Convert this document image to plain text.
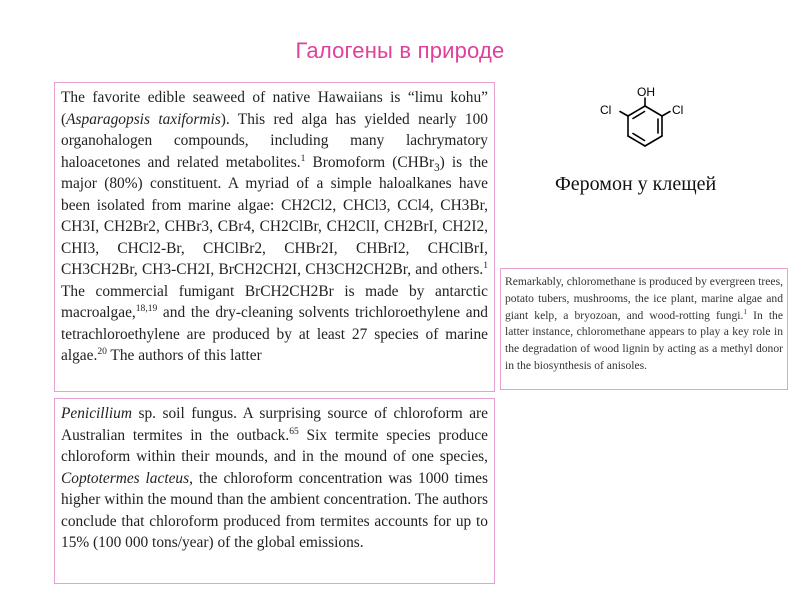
Галогены в природе

The favorite edible seaweed of native Hawaiians is “limu kohu” (Asparagopsis taxiformis). This red alga has yielded nearly 100 organohalogen compounds, including many lachrymatory haloacetones and related metabolites.$^1$ Bromoform (CHBr$_3$) is the major (80%) constituent. A myriad of a simple haloalkanes have been isolated from marine algae: CH2Cl2, CHCl3, CCl4, CH3Br, CH3I, CH2Br2, CHBr3, CBr4, CH2ClBr, CH2ClI, CH2BrI, CH2I2, CHI3, CHCl2-Br, CHClBr2, CHBr2I, CHBrI2, CHClBrI, CH3CH2Br, CH3-CH2I, BrCH2CH2I, CH3CH2CH2Br, and others.$^1$ The commercial fumigant BrCH2CH2Br is made by antarctic macroalgae,$^{18,19}$ and the dry-cleaning solvents trichloroethylene and tetrachloroethylene are produced by at least 27 species of marine algae.$^{20}$ The authors of this latter

Penicillium sp. soil fungus. A surprising source of chloroform are Australian termites in the outback.$^{65}$ Six termite species produce chloroform within their mounds, and in the mound of one species, Coptotermes lacteus, the chloroform concentration was 1000 times higher within the mound than the ambient concentration. The authors conclude that chloroform produced from termites accounts for up to 15% (100 000 tons/year) of the global emissions.

Remarkably, chloromethane is produced by evergreen trees, potato tubers, mushrooms, the ice plant, marine algae and giant kelp, a bryozoan, and wood-rotting fungi.$^1$ In the latter instance, chloromethane appears to play a key role in the degradation of wood lignin by acting as a methyl donor in the biosynthesis of anisoles.

OH
Cl	Cl
Феромон у клещей
